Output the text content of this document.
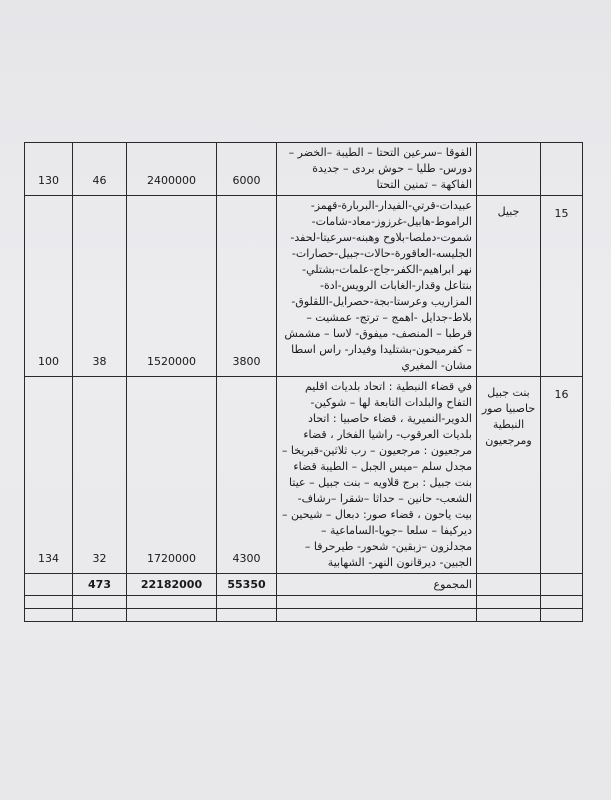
		الفوقا –سرعين التحتا – الطيبة –الخضر – دورس- طليا – حوش بردى – جديدة الفاكهة – تمنين التحتا	6000	2400000	46	130
15	جبيل	عبيدات-قرتي-الفيدار-البربارة-قهمز-الراموط-هابيل-غرزوز-معاد-شامات-شموت-دملصا-بلاوح وهبنه-سرعيتا-لحفد-الجليسه-العاقورة-حالات-جبيل-حصارات-نهر ابراهيم-الكفر-جاج-علمات-بشتلي-بنتاعل وقدار-الغابات الرويس-ادة-المزاريب وعرستا-بجة-حصرايل-اللقلوق-بلاط-جدايل -اهمج – ترتج- عمشيت – قرطبا – المنصف- ميفوق- لاسا – مشمش – كفرميحون-بشتليدا وفيدار- راس اسطا مشان- المغيري	3800	1520000	38	100
16	بنت جبيل حاصبيا صور النبطية ومرجعيون	في قضاء النبطية : اتحاد بلديات اقليم التفاح والبلدات التابعة لها – شوكين- الدوير-النميرية ، قضاء حاصبيا : اتحاد بلديات العرقوب- راشيا الفخار ، قضاء مرجعيون : مرجعيون – رب ثلاثين-قبريخا –مجدل سلم –ميس الجبل – الطيبة قضاء بنت جبيل : برج قلاويه – بنت جبيل – عيتا الشعب- حانين – حداثا –شقرا –رشاف- بيت ياحون ، قضاء صور: دبعال – شيحين –ديركيفا – سلعا –جويا-الساماعية –مجدلزون –زبقين- شحور- طيرحرفا –الجبين- ديرقانون النهر- الشهابية	4300	1720000	32	134
		المجموع	55350	22182000	473	
